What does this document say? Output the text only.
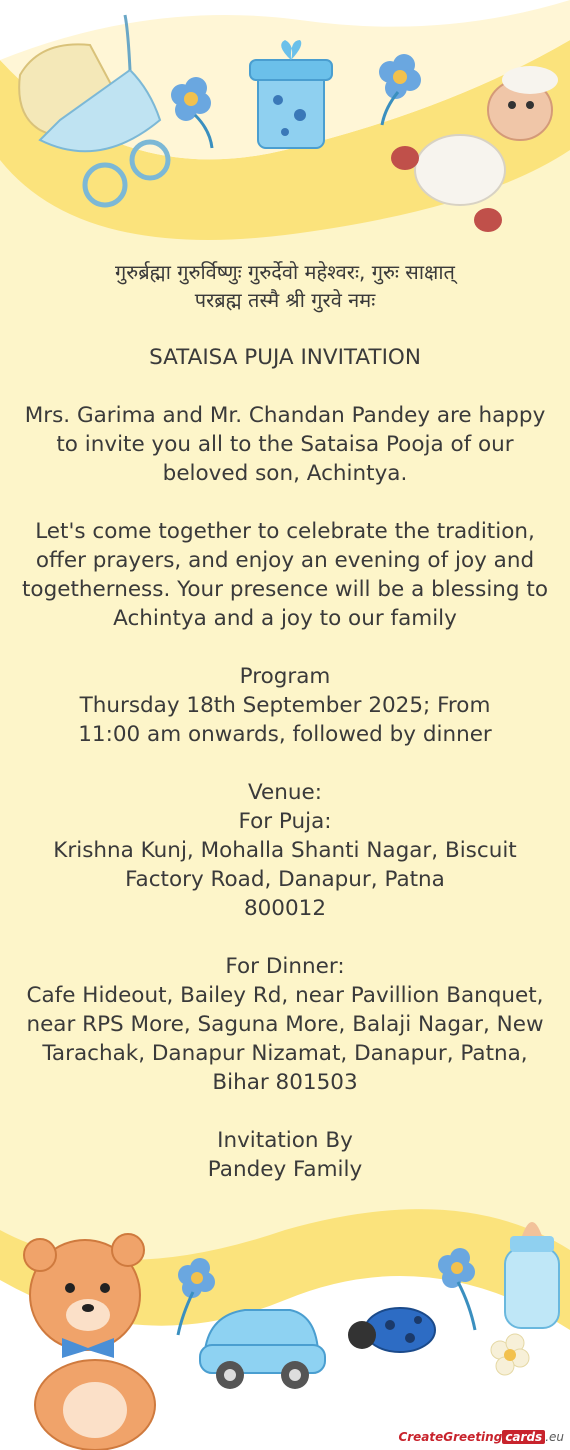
गुरुर्ब्रह्मा गुरुर्विष्णुः गुरुर्देवो महेश्वरः, गुरुः साक्षात्

परब्रह्म तस्मै श्री गुरवे नमः

SATAISA PUJA INVITATION

Mrs. Garima and Mr. Chandan Pandey are happy to invite you all to the Sataisa Pooja of our beloved son, Achintya.

Let's come together to celebrate the tradition, offer prayers, and enjoy an evening of joy and togetherness. Your presence will be a blessing to Achintya and a joy to our family

Program

Thursday 18th September 2025; From

11:00 am onwards, followed by dinner

Venue:

For Puja:

Krishna Kunj, Mohalla Shanti Nagar, Biscuit Factory Road, Danapur, Patna

800012

For Dinner:

Cafe Hideout, Bailey Rd, near Pavillion Banquet, near RPS More, Saguna More, Balaji Nagar, New Tarachak, Danapur Nizamat, Danapur, Patna, Bihar 801503

Invitation By

Pandey Family

CreateGreeting cards .eu
